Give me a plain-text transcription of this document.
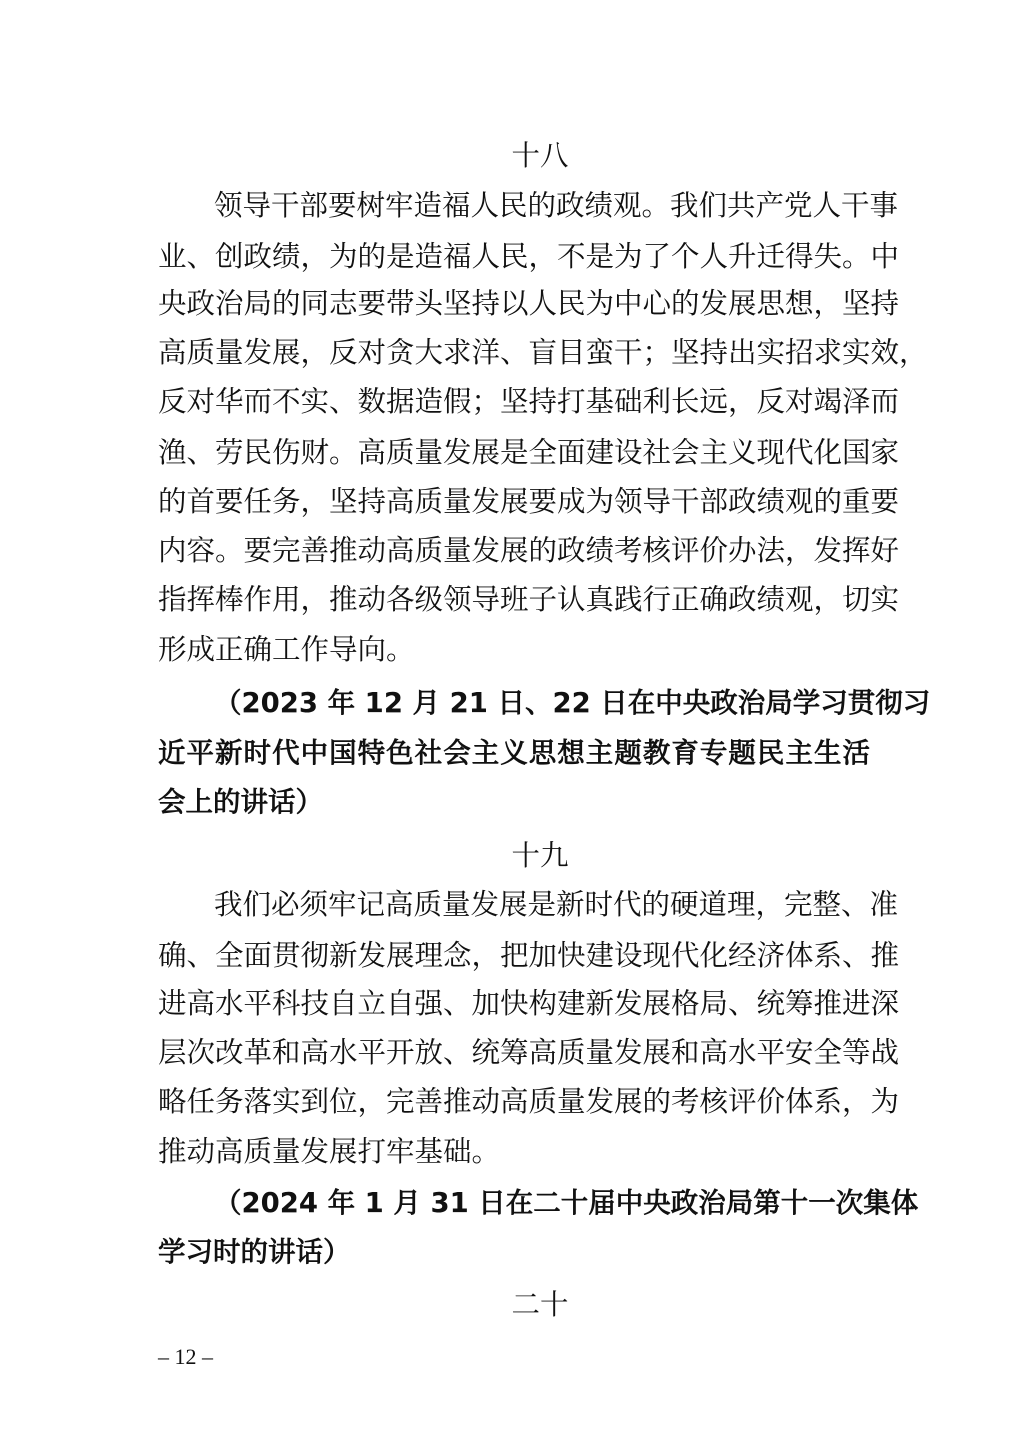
十八
领导干部要树牢造福人民的政绩观。我们共产党人干事
业、创政绩，为的是造福人民，不是为了个人升迁得失。中
央政治局的同志要带头坚持以人民为中心的发展思想，坚持
高质量发展，反对贪大求洋、盲目蛮干；坚持出实招求实效，
反对华而不实、数据造假；坚持打基础利长远，反对竭泽而
渔、劳民伤财。高质量发展是全面建设社会主义现代化国家
的首要任务，坚持高质量发展要成为领导干部政绩观的重要
内容。要完善推动高质量发展的政绩考核评价办法，发挥好
指挥棒作用，推动各级领导班子认真践行正确政绩观，切实
形成正确工作导向。
（2023 年 12 月 21 日、22 日在中央政治局学习贯彻习
近平新时代中国特色社会主义思想主题教育专题民主生活
会上的讲话）
十九
我们必须牢记高质量发展是新时代的硬道理，完整、准
确、全面贯彻新发展理念，把加快建设现代化经济体系、推
进高水平科技自立自强、加快构建新发展格局、统筹推进深
层次改革和高水平开放、统筹高质量发展和高水平安全等战
略任务落实到位，完善推动高质量发展的考核评价体系，为
推动高质量发展打牢基础。
（2024 年 1 月 31 日在二十届中央政治局第十一次集体
学习时的讲话）
二十
– 12 –
